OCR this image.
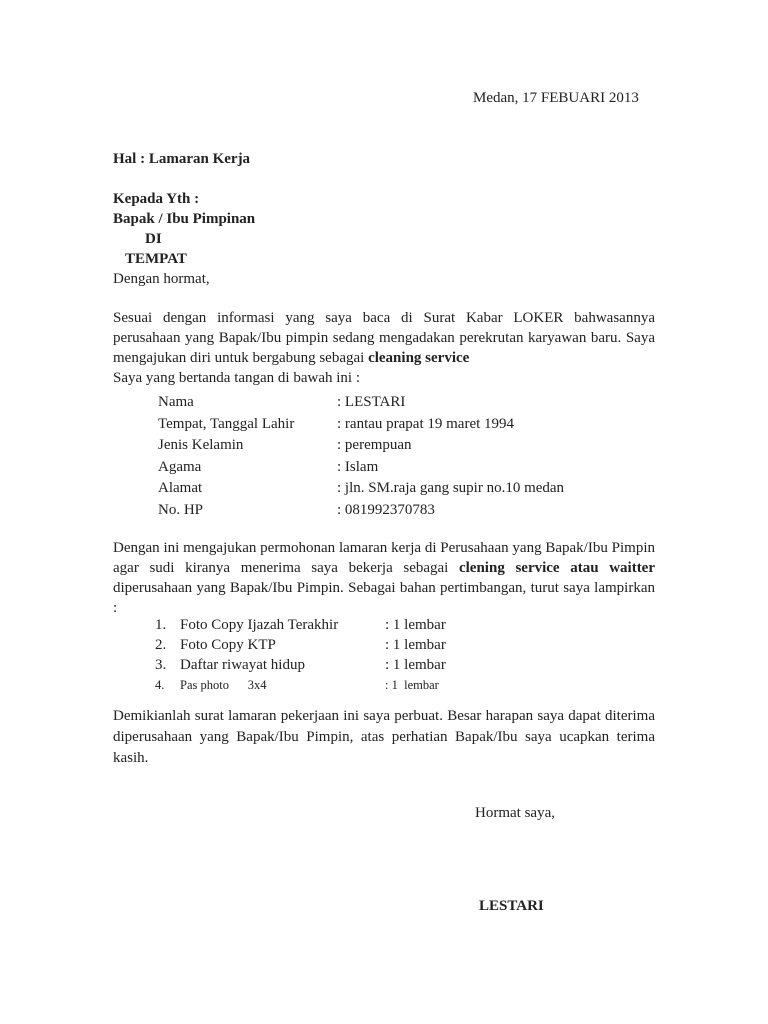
Medan, 17 FEBUARI 2013
Hal : Lamaran Kerja
Kepada Yth :
Bapak / Ibu Pimpinan
DI
TEMPAT
Dengan hormat,
Sesuai dengan informasi yang saya baca di Surat Kabar LOKER bahwasannya perusahaan yang Bapak/Ibu pimpin sedang mengadakan perekrutan karyawan baru. Saya mengajukan diri untuk bergabung sebagai cleaning service
Saya yang bertanda tangan di bawah ini :
Nama	: LESTARI
Tempat, Tanggal Lahir	: rantau prapat 19 maret 1994
Jenis Kelamin	: perempuan
Agama	: Islam
Alamat	: jln. SM.raja gang supir no.10 medan
No. HP	: 081992370783
Dengan ini mengajukan permohonan lamaran kerja di Perusahaan yang Bapak/Ibu Pimpin agar sudi kiranya menerima saya bekerja sebagai clening service atau waitter diperusahaan yang Bapak/Ibu Pimpin. Sebagai bahan pertimbangan, turut saya lampirkan :
1. Foto Copy Ijazah Terakhir	: 1 lembar
2. Foto Copy KTP	: 1 lembar
3. Daftar riwayat hidup	: 1 lembar
4. Pas photo      3x4	: 1  lembar
Demikianlah surat lamaran pekerjaan ini saya perbuat. Besar harapan saya dapat diterima diperusahaan yang Bapak/Ibu Pimpin, atas perhatian Bapak/Ibu saya ucapkan terima kasih.
Hormat saya,
LESTARI
